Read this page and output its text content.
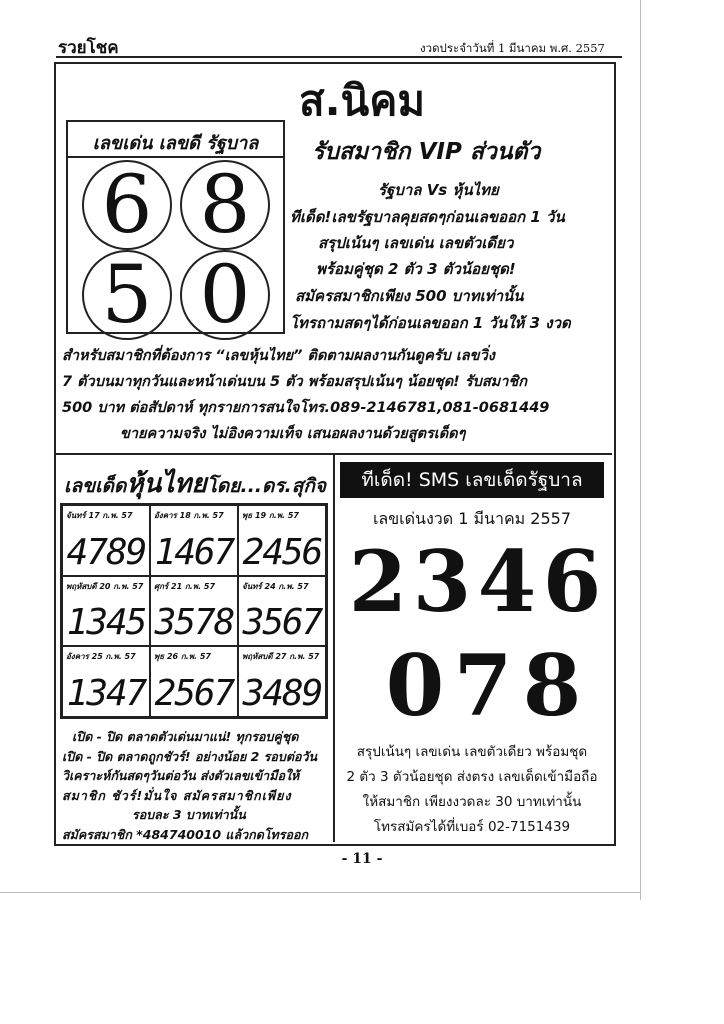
รวยโชค	งวดประจำวันที่ 1 มีนาคม พ.ศ. 2557
ส.นิคม
เลขเด่น เลขดี รัฐบาล
6 8
5 0
รับสมาชิก VIP ส่วนตัว
รัฐบาล Vs หุ้นไทย
ทีเด็ด!เลขรัฐบาลคุยสดๆก่อนเลขออก 1 วัน
สรุปเน้นๆ เลขเด่น เลขตัวเดียว
พร้อมคู่ชุด 2 ตัว 3 ตัวน้อยชุด!
สมัครสมาชิกเพียง 500 บาทเท่านั้น
โทรถามสดๆได้ก่อนเลขออก 1 วันให้ 3 งวด
สำหรับสมาชิกที่ต้องการ “เลขหุ้นไทย” ติดตามผลงานกันดูครับ เลขวิ่ง
7 ตัวบนมาทุกวันและหน้าเด่นบน 5 ตัว พร้อมสรุปเน้นๆ น้อยชุด! รับสมาชิก
500 บาท ต่อสัปดาห์ ทุกรายการสนใจโทร.089-2146781,081-0681449
ขายความจริง ไม่อิงความเท็จ เสนอผลงานด้วยสูตรเด็ดๆ
เลขเด็ดหุ้นไทยโดย...ดร.สุกิจ
จันทร์ 17 ก.พ. 57
4789
อังคาร 18 ก.พ. 57
1467
พุธ 19 ก.พ. 57
2456
พฤหัสบดี 20 ก.พ. 57
1345
ศุกร์ 21 ก.พ. 57
3578
จันทร์ 24 ก.พ. 57
3567
อังคาร 25 ก.พ. 57
1347
พุธ 26 ก.พ. 57
2567
พฤหัสบดี 27 ก.พ. 57
3489
เปิด - ปิด ตลาดตัวเด่นมาแน่! ทุกรอบคู่ชุด
เปิด - ปิด ตลาดถูกชัวร์! อย่างน้อย 2 รอบต่อวัน
วิเคราะห์กันสดๆวันต่อวัน ส่งตัวเลขเข้ามือให้
สมาชิก ชัวร์!มั่นใจ สมัครสมาชิกเพียง
รอบละ 3 บาทเท่านั้น
สมัครสมาชิก *484740010 แล้วกดโทรออก
ทีเด็ด! SMS เลขเด็ดรัฐบาล
เลขเด่นงวด 1 มีนาคม 2557
2 3 4 6
0 7 8
สรุปเน้นๆ เลขเด่น เลขตัวเดียว พร้อมชุด
2 ตัว 3 ตัวน้อยชุด ส่งตรง เลขเด็ดเข้ามือถือ
ให้สมาชิก เพียงงวดละ 30 บาทเท่านั้น
โทรสมัครได้ที่เบอร์ 02-7151439
- 11 -
